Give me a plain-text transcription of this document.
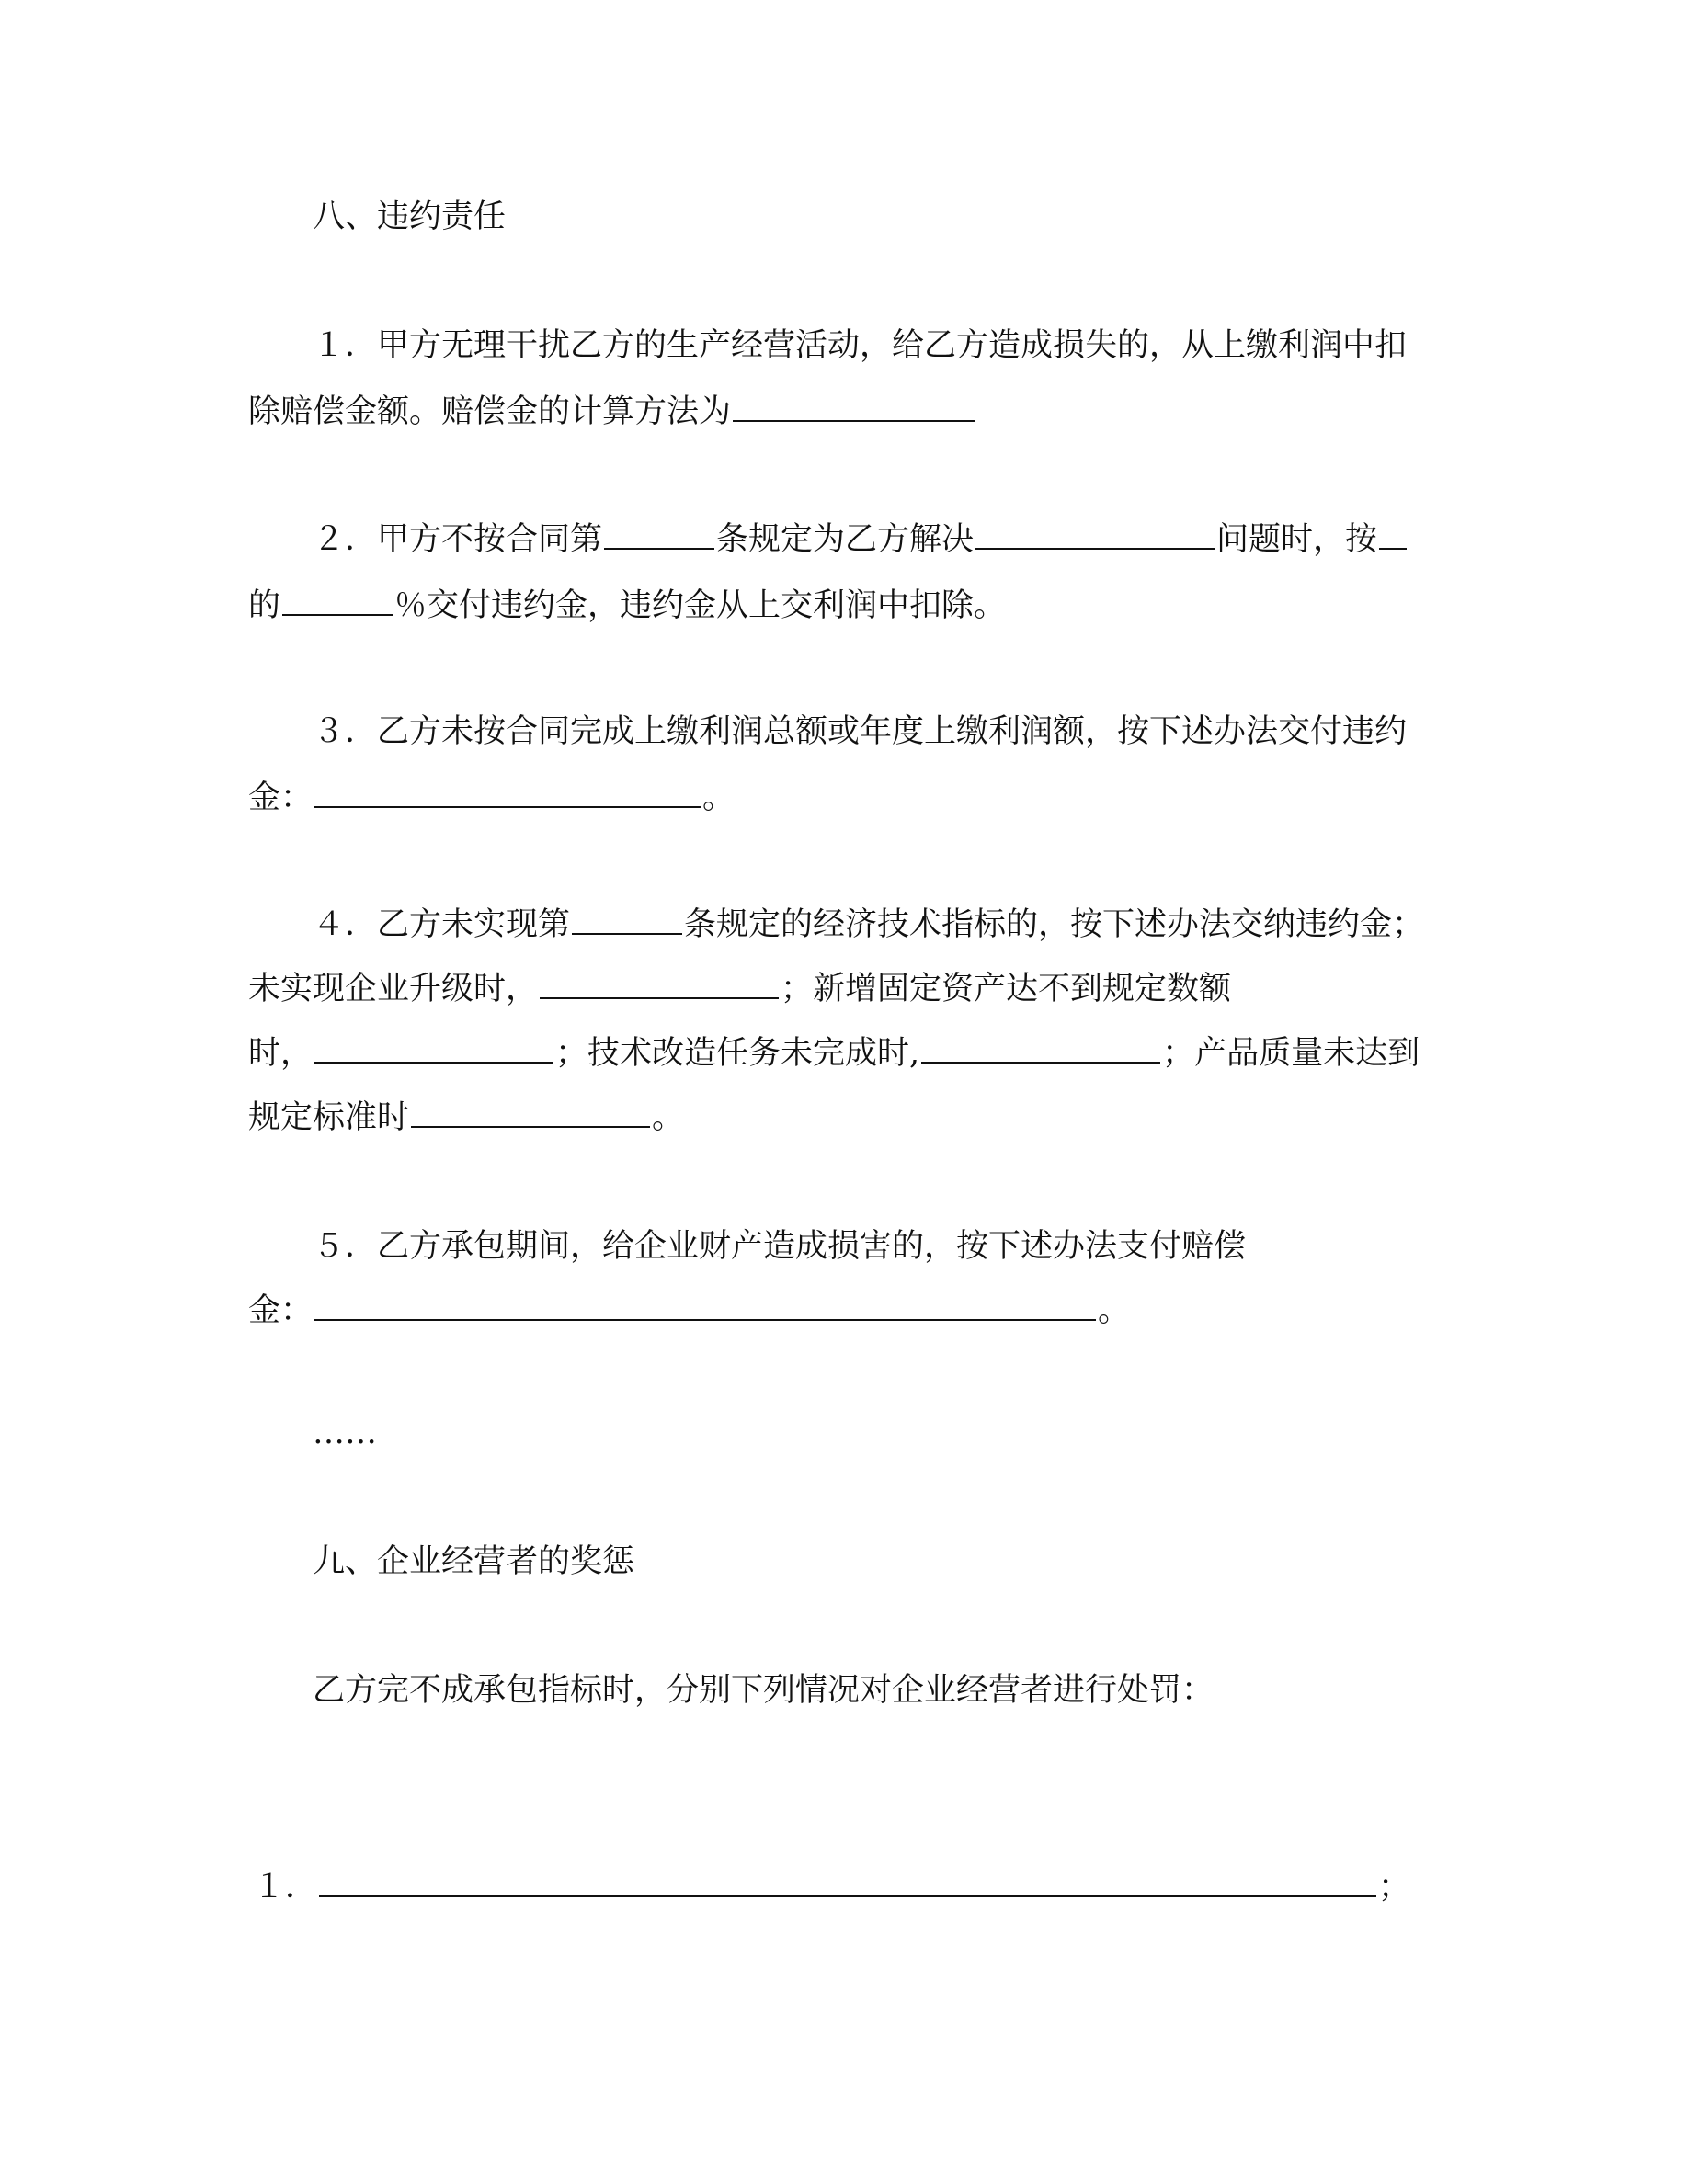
八、违约责任
１．甲方无理干扰乙方的生产经营活动，给乙方造成损失的，从上缴利润中扣
除赔偿金额。赔偿金的计算方法为
２．甲方不按合同第	条规定为乙方解决	问题时，按
的	％交付违约金，违约金从上交利润中扣除。
３．乙方未按合同完成上缴利润总额或年度上缴利润额，按下述办法交付违约
金：	。
４．乙方未实现第	条规定的经济技术指标的，按下述办法交纳违约金；
未实现企业升级时，	；新增固定资产达不到规定数额
时，	；技术改造任务未完成时,	；产品质量未达到
规定标准时	。
５．乙方承包期间，给企业财产造成损害的，按下述办法支付赔偿
金：	。
……
九、企业经营者的奖惩
乙方完不成承包指标时，分别下列情况对企业经营者进行处罚：
１．	；
